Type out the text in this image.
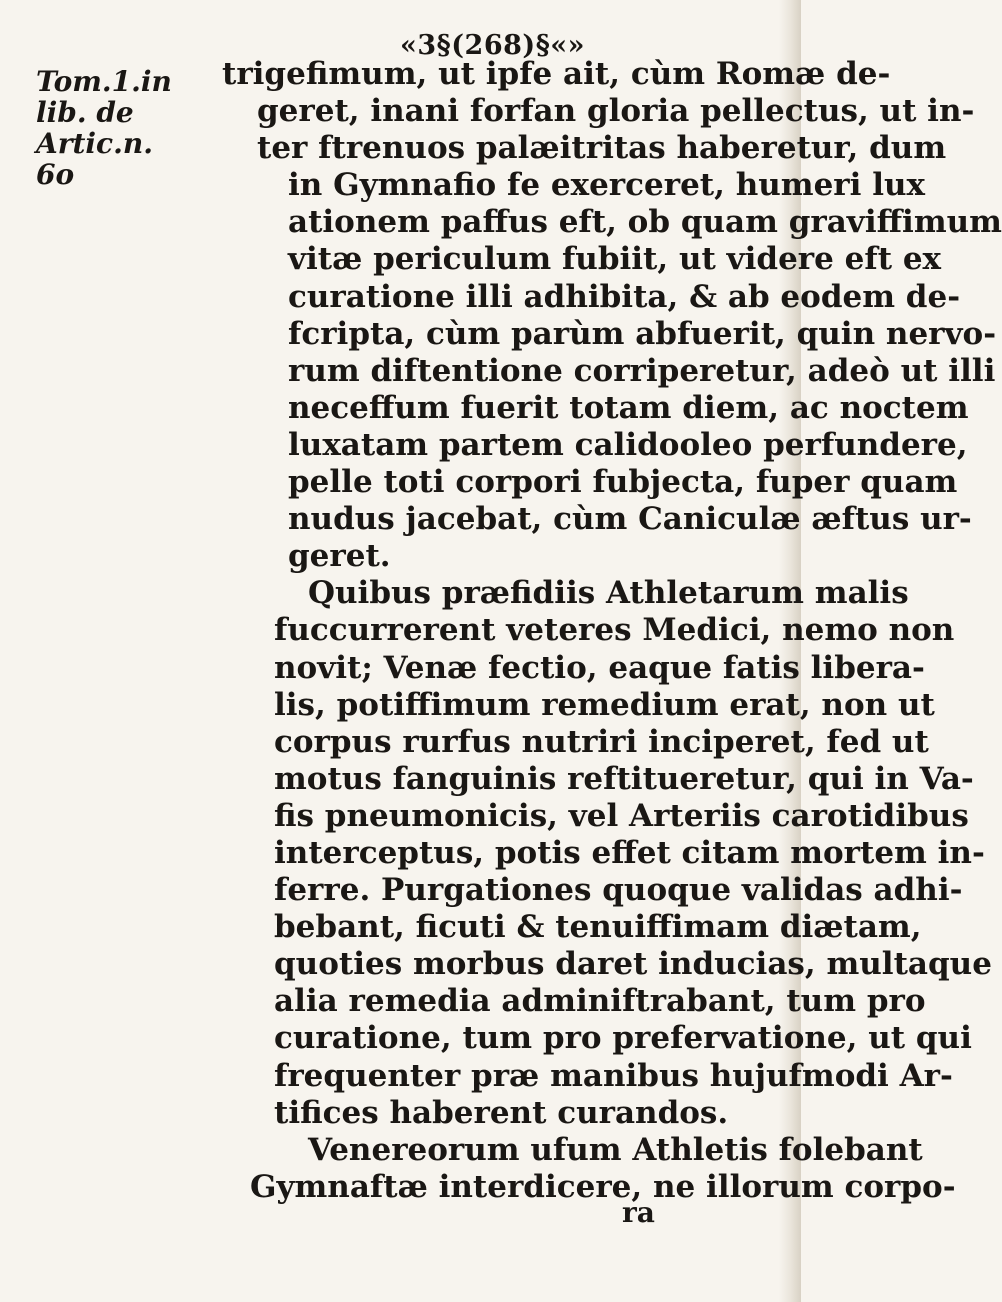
«3§(268)§«»
Tom.1.in
lib. de
Artic.n.
6o
trigefimum, ut ipfe ait, cùm Romæ de-
geret, inani forfan gloria pellectus, ut in-
ter ftrenuos palæitritas haberetur, dum
in Gymnafio fe exerceret, humeri lux
ationem paffus eft, ob quam graviffimum
vitæ periculum fubiit, ut videre eft ex
curatione illi adhibita, & ab eodem de-
fcripta, cùm parùm abfuerit, quin nervo-
rum diftentione corriperetur, adeò ut illi
neceffum fuerit totam diem, ac noctem
luxatam partem calidooleo perfundere,
pelle toti corpori fubjecta, fuper quam
nudus jacebat, cùm Caniculæ æftus ur-
geret.
Quibus præfidiis Athletarum malis
fuccurrerent veteres Medici, nemo non
novit; Venæ fectio, eaque fatis libera-
lis, potiffimum remedium erat, non ut
corpus rurfus nutriri inciperet, fed ut
motus fanguinis reftitueretur, qui in Va-
fis pneumonicis, vel Arteriis carotidibus
interceptus, potis effet citam mortem in-
ferre. Purgationes quoque validas adhi-
bebant, ficuti & tenuiffimam diætam,
quoties morbus daret inducias, multaque
alia remedia adminiftrabant, tum pro
curatione, tum pro prefervatione, ut qui
frequenter præ manibus hujufmodi Ar-
tifices haberent curandos.
Venereorum ufum Athletis folebant
Gymnaftæ interdicere, ne illorum corpo-
ra
